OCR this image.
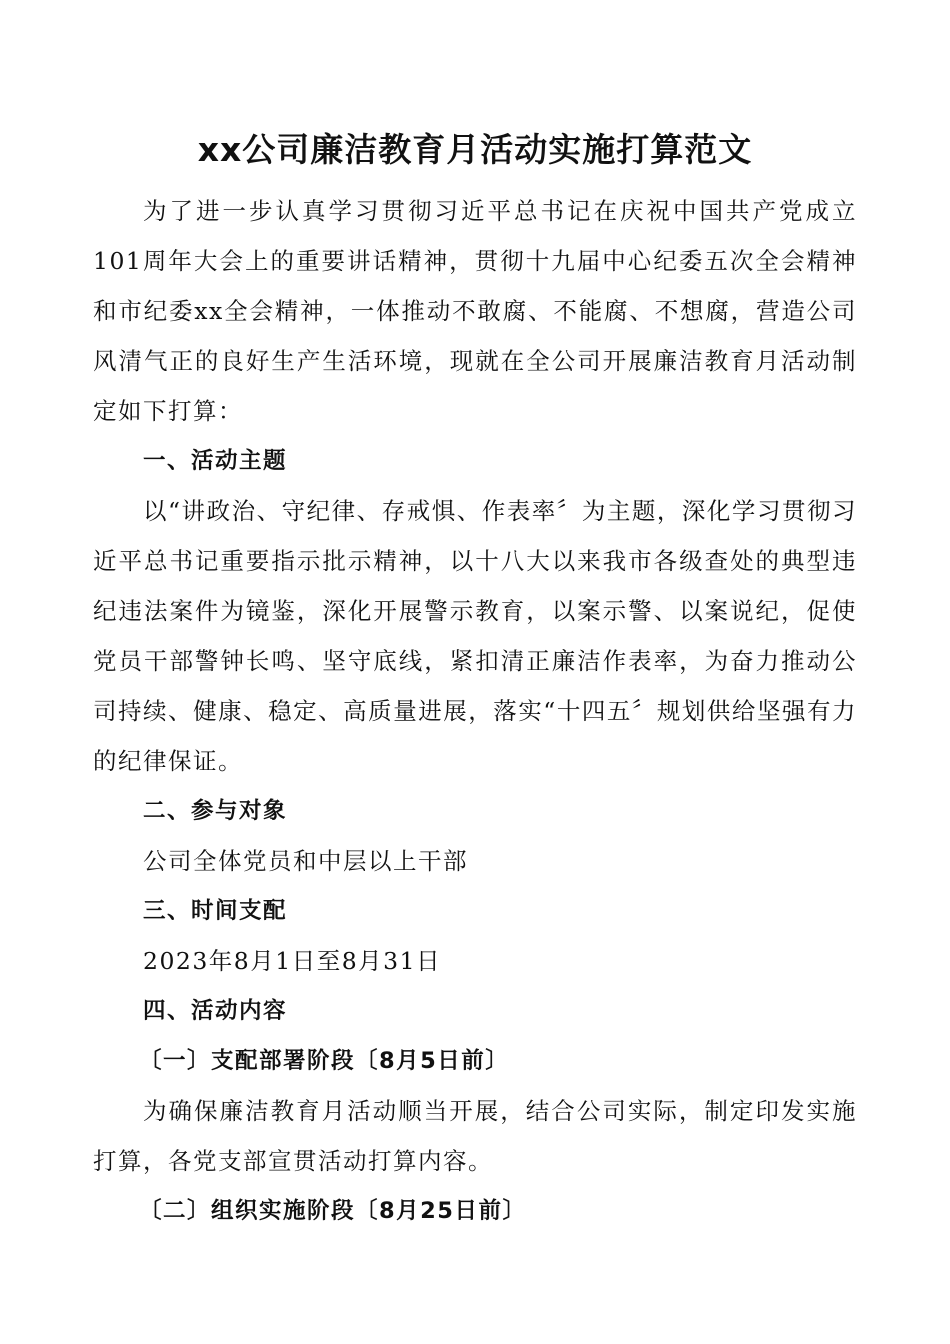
xx公司廉洁教育月活动实施打算范文

为了进一步认真学习贯彻习近平总书记在庆祝中国共产党成立101周年大会上的重要讲话精神，贯彻十九届中心纪委五次全会精神和市纪委xx全会精神，一体推动不敢腐、不能腐、不想腐，营造公司风清气正的良好生产生活环境，现就在全公司开展廉洁教育月活动制定如下打算：

一、活动主题

以“讲政治、守纪律、存戒惧、作表率〞为主题，深化学习贯彻习近平总书记重要指示批示精神，以十八大以来我市各级查处的典型违纪违法案件为镜鉴，深化开展警示教育，以案示警、以案说纪，促使党员干部警钟长鸣、坚守底线，紧扣清正廉洁作表率，为奋力推动公司持续、健康、稳定、高质量进展，落实“十四五〞规划供给坚强有力的纪律保证。

二、参与对象

公司全体党员和中层以上干部

三、时间支配

2023年8月1日至8月31日

四、活动内容

〔一〕支配部署阶段〔8月5日前〕

为确保廉洁教育月活动顺当开展，结合公司实际，制定印发实施打算，各党支部宣贯活动打算内容。

〔二〕组织实施阶段〔8月25日前〕
